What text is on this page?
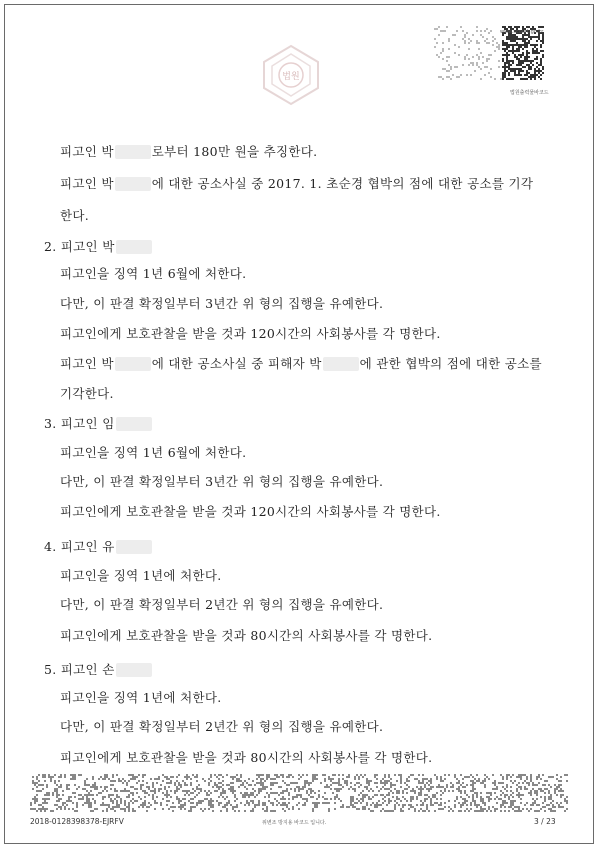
법원
www.scourt.go.kr
법원출력물바코드
피고인 박	로부터 180만 원을 추징한다.
피고인 박	에 대한 공소사실 중 2017. 1. 초순경 협박의 점에 대한 공소를 기각
한다.
2. 피고인 박
피고인을 징역 1년 6월에 처한다.
다만, 이 판결 확정일부터 3년간 위 형의 집행을 유예한다.
피고인에게 보호관찰을 받을 것과 120시간의 사회봉사를 각 명한다.
피고인 박	에 대한 공소사실 중 피해자 박	에 관한 협박의 점에 대한 공소를
기각한다.
3. 피고인 임
피고인을 징역 1년 6월에 처한다.
다만, 이 판결 확정일부터 3년간 위 형의 집행을 유예한다.
피고인에게 보호관찰을 받을 것과 120시간의 사회봉사를 각 명한다.
4. 피고인 유
피고인을 징역 1년에 처한다.
다만, 이 판결 확정일부터 2년간 위 형의 집행을 유예한다.
피고인에게 보호관찰을 받을 것과 80시간의 사회봉사를 각 명한다.
5. 피고인 손
피고인을 징역 1년에 처한다.
다만, 이 판결 확정일부터 2년간 위 형의 집행을 유예한다.
피고인에게 보호관찰을 받을 것과 80시간의 사회봉사를 각 명한다.
2018-0128398378-EJRFV	위변조 방지용 바코드 입니다.	3 / 23
